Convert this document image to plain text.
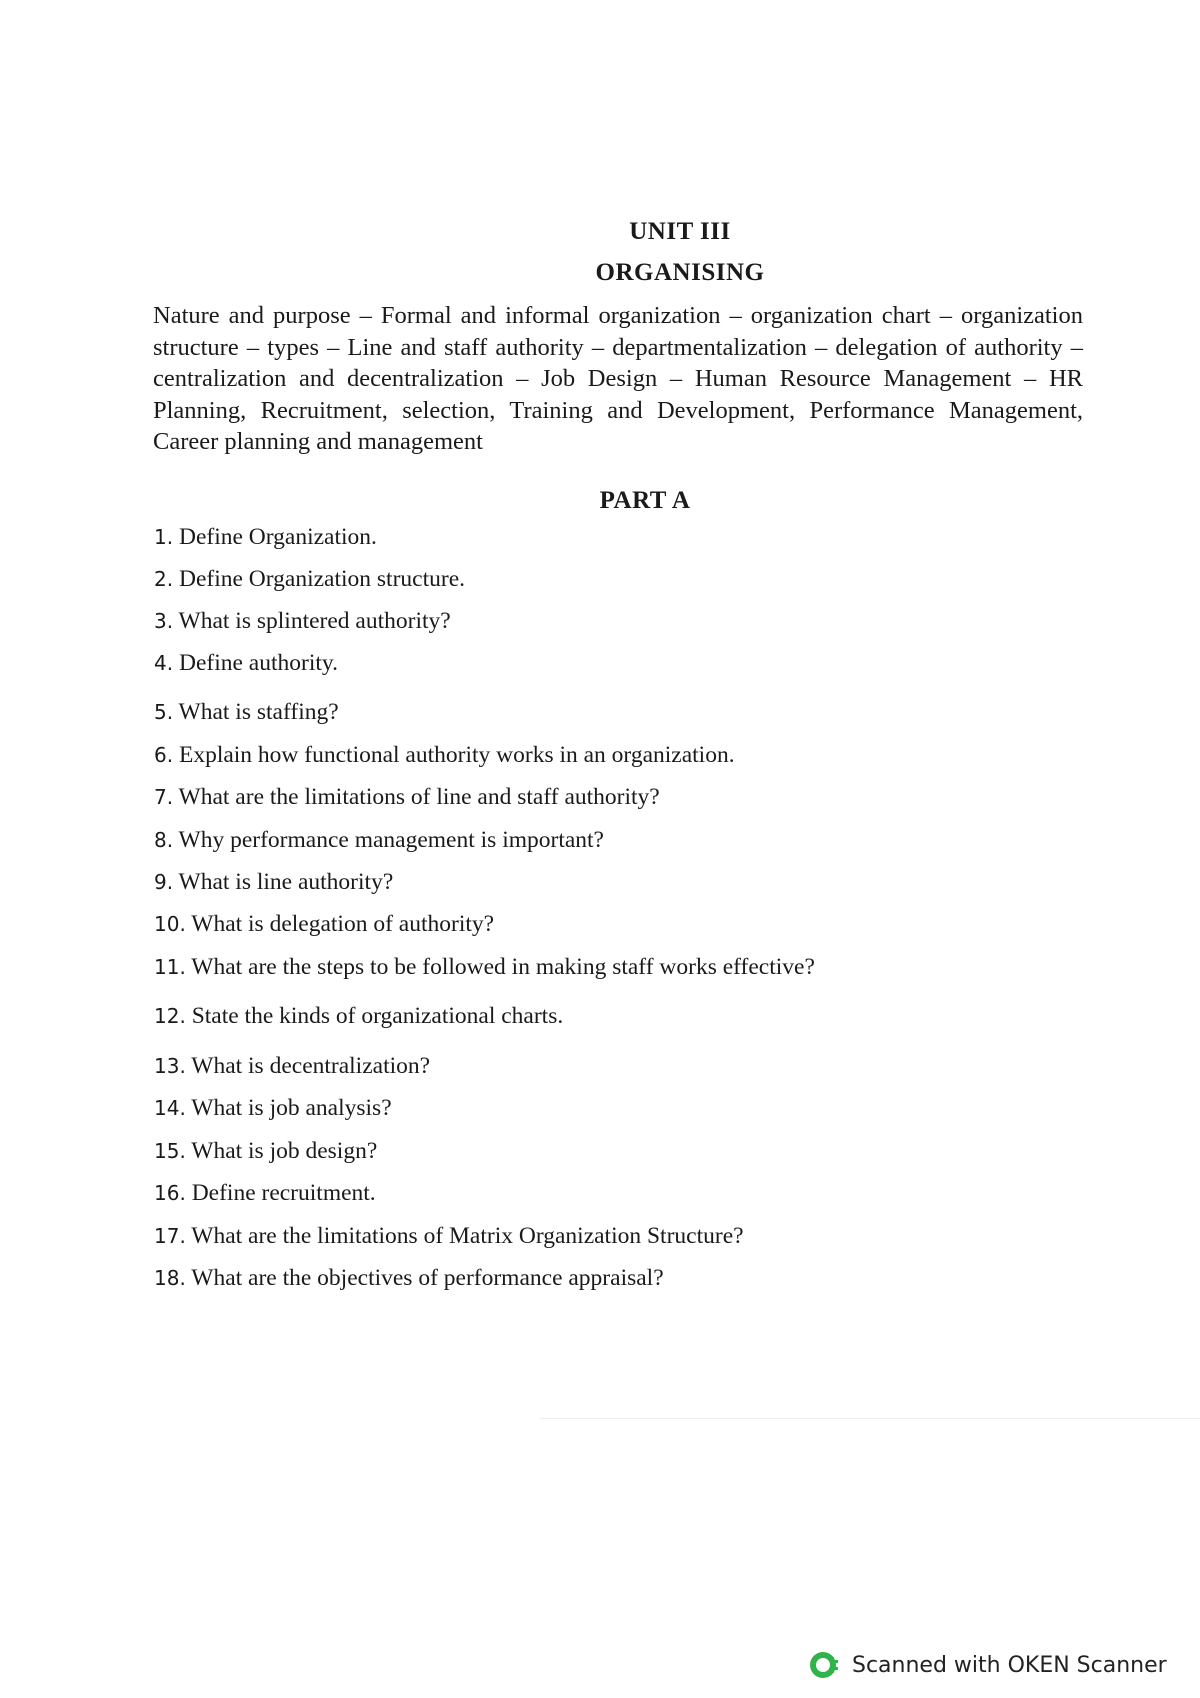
UNIT III
ORGANISING

Nature and purpose – Formal and informal organization – organization chart – organization structure – types – Line and staff authority – departmentalization – delegation of authority – centralization and decentralization – Job Design – Human Resource Management – HR Planning, Recruitment, selection, Training and Development, Performance Management, Career planning and management

PART A
1. Define Organization.
2. Define Organization structure.
3. What is splintered authority?
4. Define authority.
5. What is staffing?
6. Explain how functional authority works in an organization.
7. What are the limitations of line and staff authority?
8. Why performance management is important?
9. What is line authority?
10. What is delegation of authority?
11. What are the steps to be followed in making staff works effective?
12. State the kinds of organizational charts.
13. What is decentralization?
14. What is job analysis?
15. What is job design?
16. Define recruitment.
17. What are the limitations of Matrix Organization Structure?
18. What are the objectives of performance appraisal?
Scanned with OKEN Scanner
